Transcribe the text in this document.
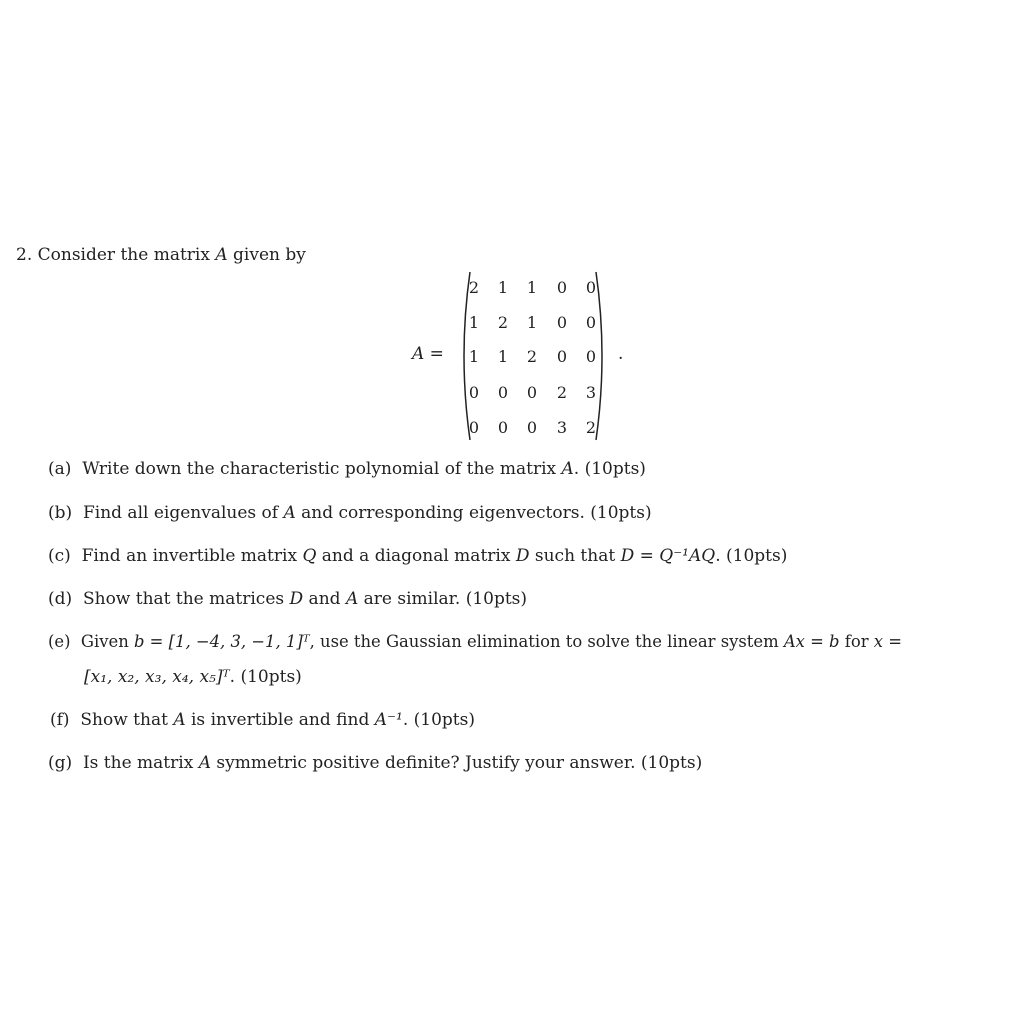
2. Consider the matrix A given by
A =
2	1	1	0	0
1	2	1	0	0
1	1	2	0	0
0	0	0	2	3
0	0	0	3	2
.
(a) Write down the characteristic polynomial of the matrix A. (10pts)
(b) Find all eigenvalues of A and corresponding eigenvectors. (10pts)
(c) Find an invertible matrix Q and a diagonal matrix D such that D = Q⁻¹AQ. (10pts)
(d) Show that the matrices D and A are similar. (10pts)
(e) Given b = [1, −4, 3, −1, 1]ᵀ, use the Gaussian elimination to solve the linear system Ax = b for x =
[x₁, x₂, x₃, x₄, x₅]ᵀ. (10pts)
(f) Show that A is invertible and find A⁻¹. (10pts)
(g) Is the matrix A symmetric positive definite? Justify your answer. (10pts)
